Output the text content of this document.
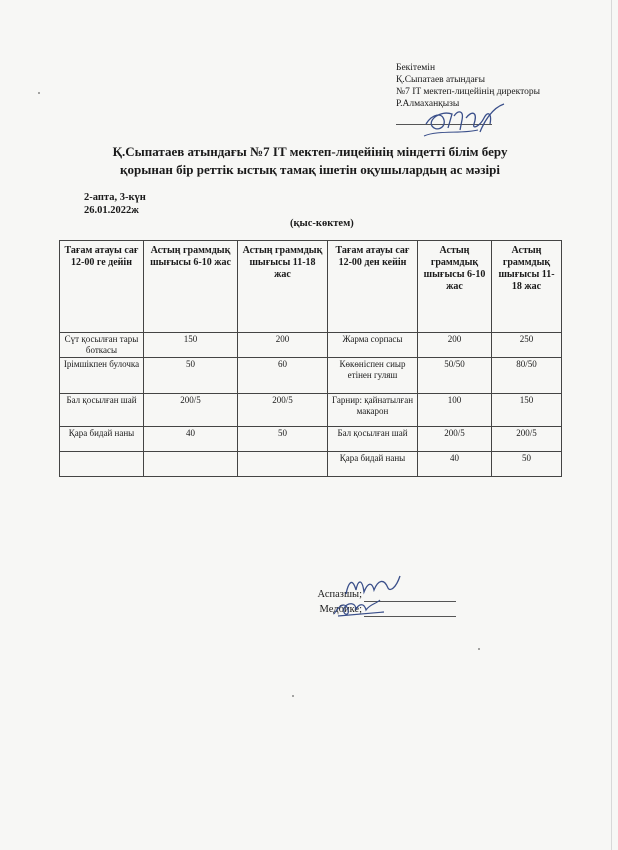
Бекітемін
Қ.Сыпатаев атындағы
№7 IT мектеп-лицейінің директоры
Р.Алмаханқызы
Қ.Сыпатаев атындағы №7 IT мектеп-лицейінің міндетті білім беру
қорынан бір реттік ыстық тамақ ішетін оқушылардың ас мәзірі
2-апта, 3-күн
26.01.2022ж
(қыс-көктем)
Тағам атауы сағ 12-00 ге дейін	Астың граммдық шығысы 6-10 жас	Астың граммдық шығысы 11-18 жас	Тағам атауы сағ 12-00 ден кейін	Астың граммдық шығысы 6-10 жас	Астың граммдық шығысы 11-18 жас
Сүт қосылған тары боткасы	150	200	Жарма сорпасы	200	250
Ірімшікпен булочка	50	60	Көкөніспен сиыр етінен гуляш	50/50	80/50
Бал қосылған шай	200/5	200/5	Гарнир: қайнатылған макарон	100	150
Қара бидай наны	40	50	Бал қосылған шай	200/5	200/5
			Қара бидай наны	40	50
Аспазшы;
Медбике;
